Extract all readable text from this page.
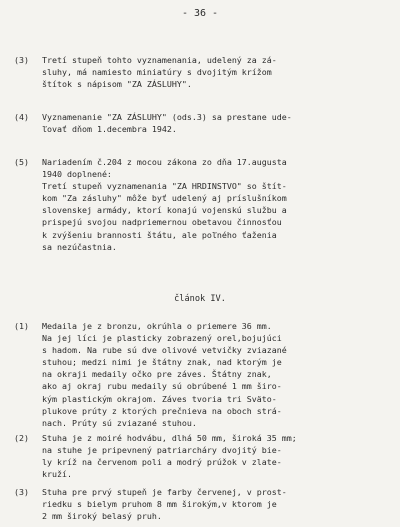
- 36 -
(3) Tretí stupeň tohto vyznamenania, udelený za zá-
sluhy, má namiesto miniatúry s dvojitým krížom
štítok s nápisom "ZA ZÁSLUHY".
(4) Vyznamenanie "ZA ZÁSLUHY" (ods.3) sa prestane ude-
ľovať dňom 1.decembra 1942.
(5) Nariadením č.204 z mocou zákona zo dňa 17.augusta
1940 doplnené:
Tretí stupeň vyznamenania "ZA HRDINSTVO" so štít-
kom "Za zásluhy" môže byť udelený aj príslušníkom
slovenskej armády, ktorí konajú vojenskú službu a
prispejú svojou nadpriemernou obetavou činnosťou
k zvýšeniu brannosti štátu, ale poľného ťaženia
sa nezúčastnia.
článok IV.
(1) Medaila je z bronzu, okrúhla o priemere 36 mm.
Na jej líci je plasticky zobrazený orel,bojujúci
s hadom. Na rube sú dve olivové vetvičky zviazané
stuhou; medzi nimi je štátny znak, nad ktorým je
na okraji medaily očko pre záves. Štátny znak,
ako aj okraj rubu medaily sú obrúbené 1 mm širo-
kým plastickým okrajom. Záves tvoria tri Sväto-
plukove prúty z ktorých prečnieva na oboch strá-
nach. Prúty sú zviazané stuhou.
(2) Stuha je z moiré hodvábu, dlhá 50 mm, široká 35 mm;
na stuhe je pripevnený patriarcháry dvojitý bie-
ly kríž na červenom poli a modrý prúžok v zlate-
kruží.
(3) Stuha pre prvý stupeň je farby červenej, v prost-
riedku s bielym pruhom 8 mm širokým,v ktorom je
2 mm široký belasý pruh.
